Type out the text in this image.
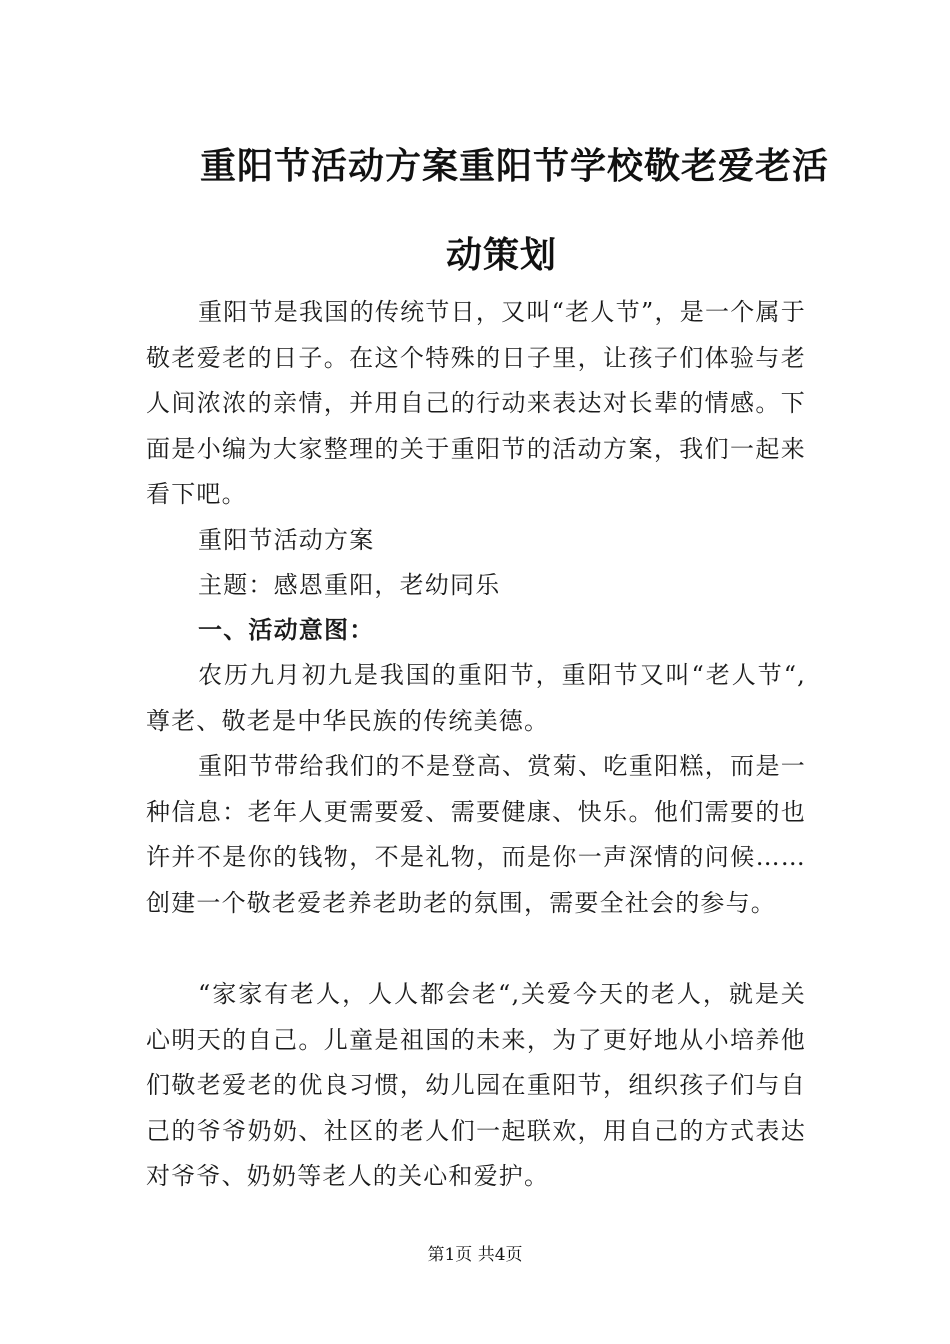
重阳节活动方案重阳节学校敬老爱老活
动策划
重阳节是我国的传统节日，又叫“老人节”，是一个属于敬老爱老的日子。在这个特殊的日子里，让孩子们体验与老人间浓浓的亲情，并用自己的行动来表达对长辈的情感。下面是小编为大家整理的关于重阳节的活动方案，我们一起来看下吧。
重阳节活动方案
主题：感恩重阳，老幼同乐
一、活动意图：
农历九月初九是我国的重阳节，重阳节又叫“老人节“,尊老、敬老是中华民族的传统美德。
重阳节带给我们的不是登高、赏菊、吃重阳糕，而是一种信息：老年人更需要爱、需要健康、快乐。他们需要的也许并不是你的钱物，不是礼物，而是你一声深情的问候……创建一个敬老爱老养老助老的氛围，需要全社会的参与。
“家家有老人，人人都会老“,关爱今天的老人，就是关心明天的自己。儿童是祖国的未来，为了更好地从小培养他们敬老爱老的优良习惯，幼儿园在重阳节，组织孩子们与自己的爷爷奶奶、社区的老人们一起联欢，用自己的方式表达对爷爷、奶奶等老人的关心和爱护。
第1页 共4页
